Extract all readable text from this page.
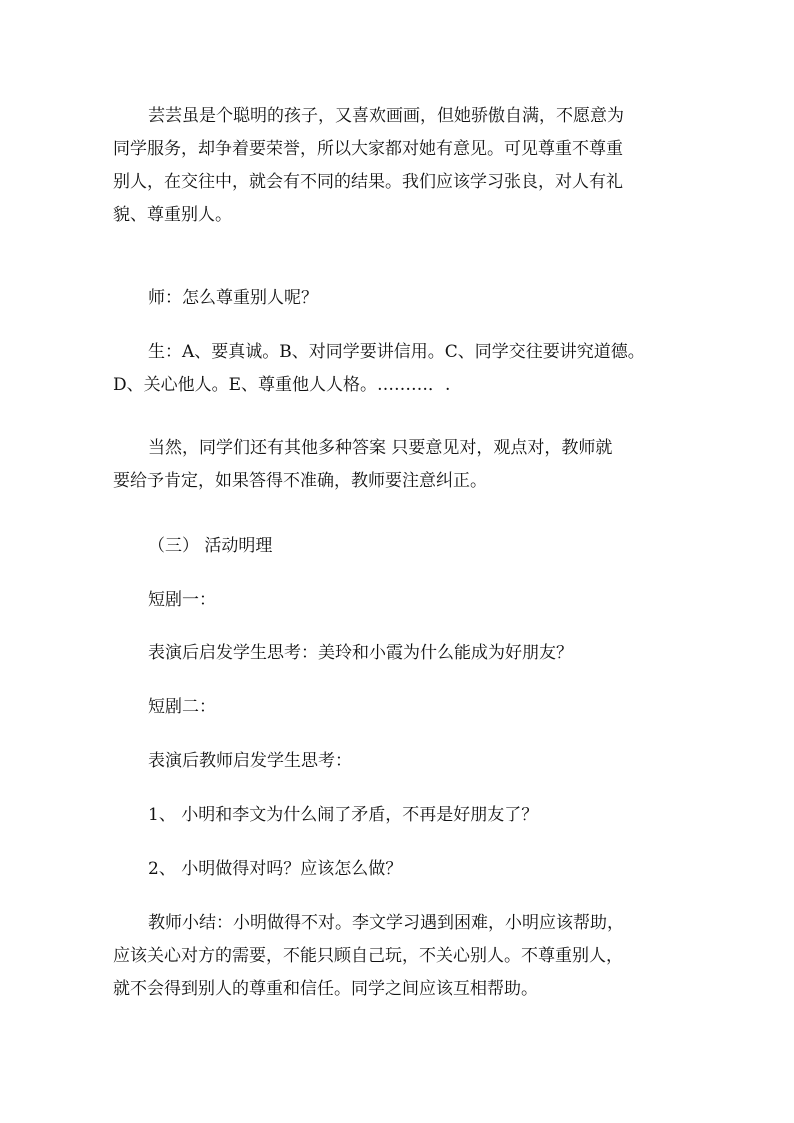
芸芸虽是个聪明的孩子，又喜欢画画，但她骄傲自满，不愿意为
同学服务，却争着要荣誉，所以大家都对她有意见。可见尊重不尊重
别人，在交往中，就会有不同的结果。我们应该学习张良，对人有礼
貌、尊重别人。

师：怎么尊重别人呢？

生：A、要真诚。B、对同学要讲信用。C、同学交往要讲究道德。
D、关心他人。E、尊重他人人格。………．.

当然，同学们还有其他多种答案 只要意见对，观点对，教师就
要给予肯定，如果答得不准确，教师要注意纠正。

（三） 活动明理

短剧一：

表演后启发学生思考：美玲和小霞为什么能成为好朋友？

短剧二：

表演后教师启发学生思考：

1、 小明和李文为什么闹了矛盾，不再是好朋友了？

2、 小明做得对吗？应该怎么做？

教师小结：小明做得不对。李文学习遇到困难，小明应该帮助，
应该关心对方的需要，不能只顾自己玩，不关心别人。不尊重别人，
就不会得到别人的尊重和信任。同学之间应该互相帮助。
